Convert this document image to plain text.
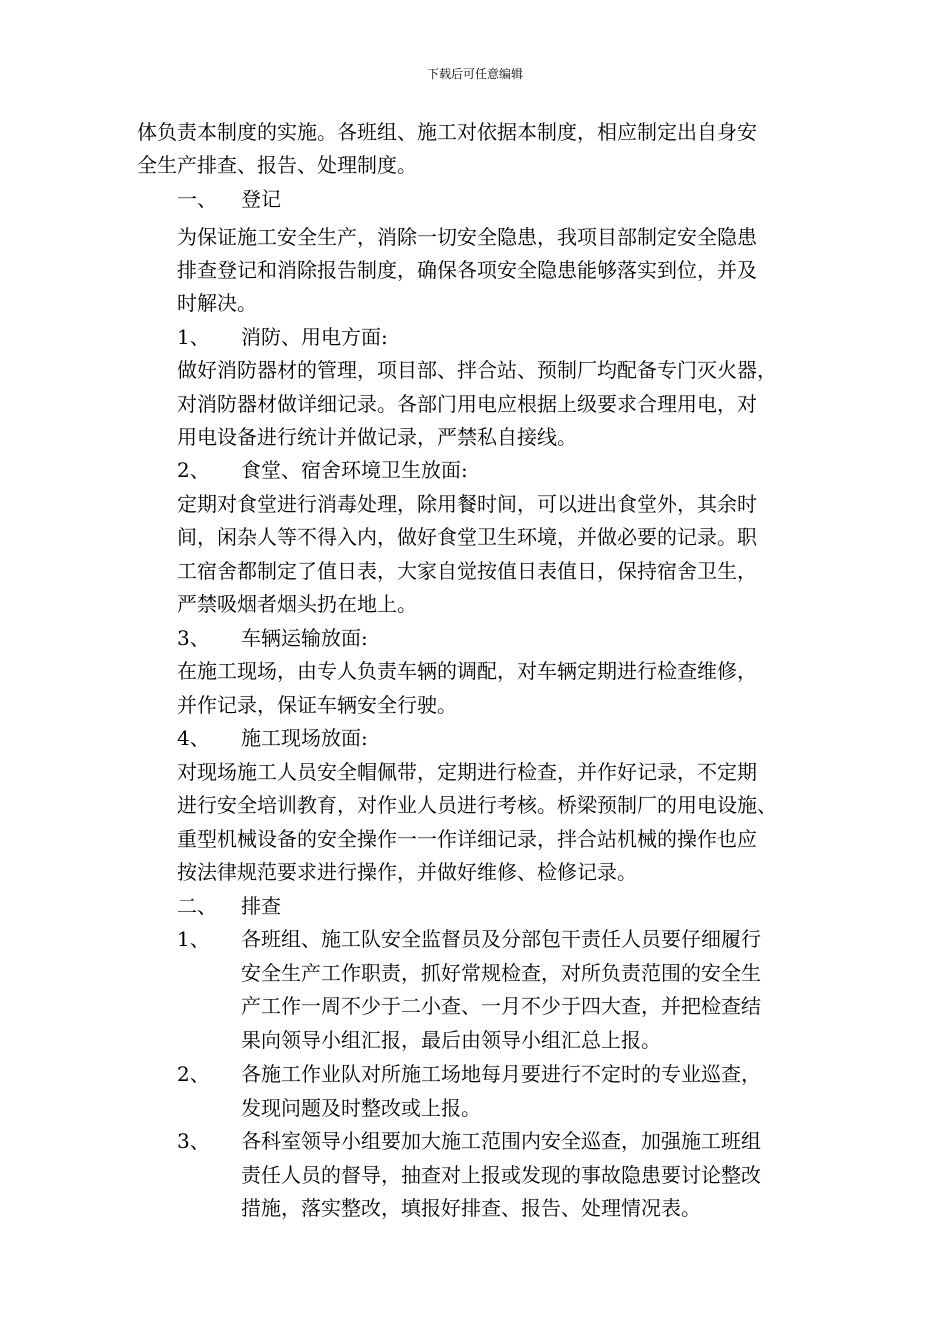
下载后可任意编辑
体负责本制度的实施。各班组、施工对依据本制度，相应制定出自身安
全生产排查、报告、处理制度。
一、 登记
为保证施工安全生产，消除一切安全隐患，我项目部制定安全隐患
排查登记和消除报告制度，确保各项安全隐患能够落实到位，并及
时解决。
1、 消防、用电方面:
做好消防器材的管理，项目部、拌合站、预制厂均配备专门灭火器，
对消防器材做详细记录。各部门用电应根据上级要求合理用电，对
用电设备进行统计并做记录，严禁私自接线。
2、 食堂、宿舍环境卫生放面:
定期对食堂进行消毒处理，除用餐时间，可以进出食堂外，其余时
间，闲杂人等不得入内，做好食堂卫生环境，并做必要的记录。职
工宿舍都制定了值日表，大家自觉按值日表值日，保持宿舍卫生，
严禁吸烟者烟头扔在地上。
3、 车辆运输放面:
在施工现场，由专人负责车辆的调配，对车辆定期进行检查维修，
并作记录，保证车辆安全行驶。
4、 施工现场放面:
对现场施工人员安全帽佩带，定期进行检查，并作好记录，不定期
进行安全培训教育，对作业人员进行考核。桥梁预制厂的用电设施、
重型机械设备的安全操作一一作详细记录，拌合站机械的操作也应
按法律规范要求进行操作，并做好维修、检修记录。
二、 排查
1、 各班组、施工队安全监督员及分部包干责任人员要仔细履行
安全生产工作职责，抓好常规检查，对所负责范围的安全生
产工作一周不少于二小查、一月不少于四大查，并把检查结
果向领导小组汇报，最后由领导小组汇总上报。
2、 各施工作业队对所施工场地每月要进行不定时的专业巡查，
发现问题及时整改或上报。
3、 各科室领导小组要加大施工范围内安全巡查，加强施工班组
责任人员的督导，抽查对上报或发现的事故隐患要讨论整改
措施，落实整改，填报好排查、报告、处理情况表。
